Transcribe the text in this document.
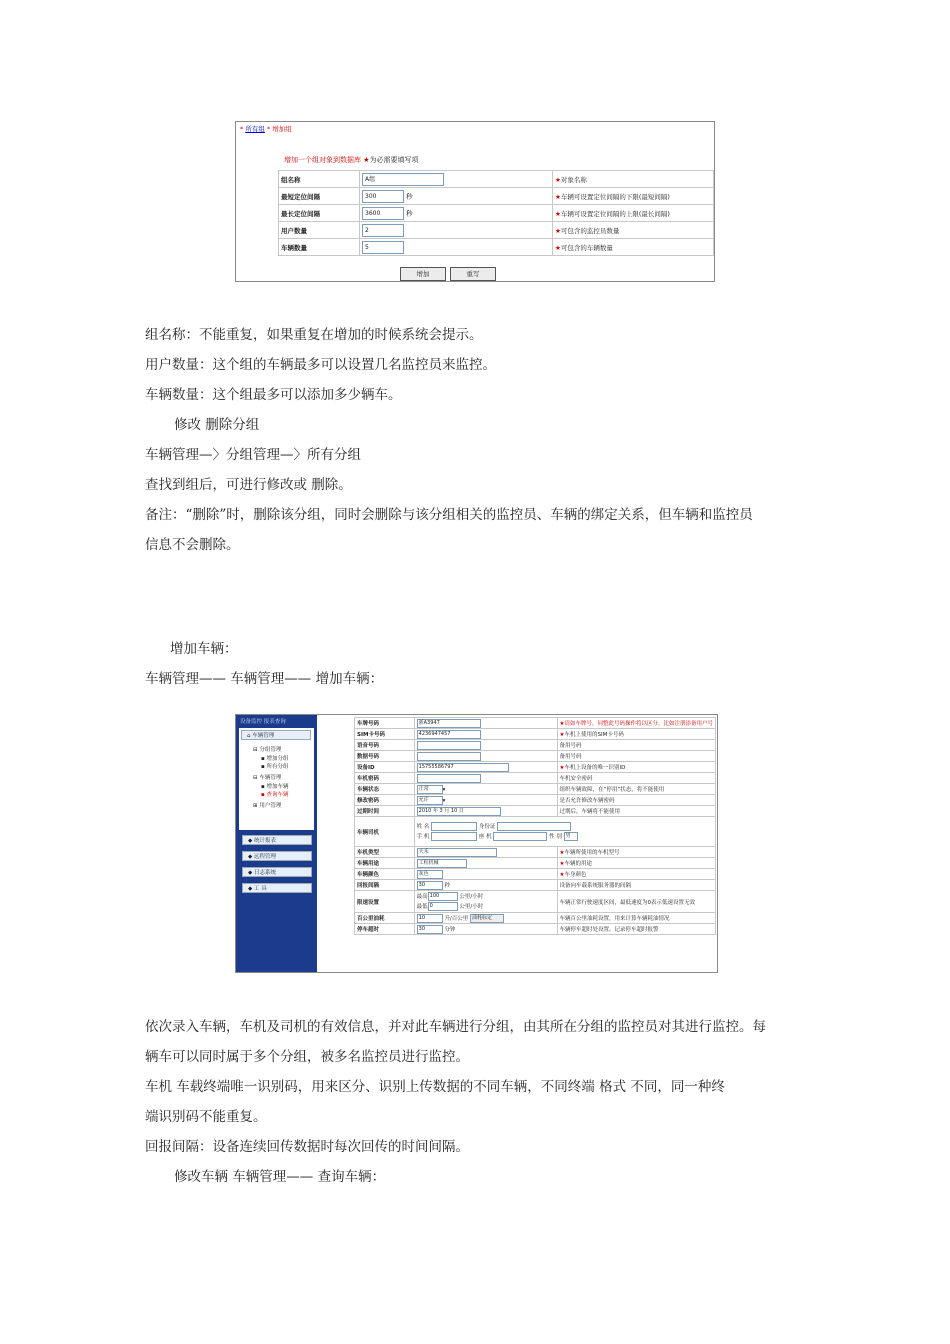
* 所有组 * 增加组
增加一个组对象到数据库 ★为必需要填写项
组名称	A组	★对象名称
最短定位间隔	300 秒	★车辆可设置定位间隔的下限(最短间隔)
最长定位间隔	3600 秒	★车辆可设置定位间隔的上限(最长间隔)
用户数量	2	★可包含的监控员数量
车辆数量	5	★可包含的车辆数量
增加	重写
组名称：不能重复，如果重复在增加的时候系统会提示。
用户数量：这个组的车辆最多可以设置几名监控员来监控。
车辆数量：这个组最多可以添加多少辆车。
修改 删除分组
车辆管理—〉分组管理—〉所有分组
查找到组后，可进行修改或 删除。
备注：“删除”时，删除该分组，同时会删除与该分组相关的监控员、车辆的绑定关系，但车辆和监控员
信息不会删除。
增加车辆：
车辆管理—— 车辆管理—— 增加车辆：
设备监控 报表查询
⌂ 车辆管理
⊟ 分组管理
▪ 增加分组
▪ 所有分组
⊟ 车辆管理
▪ 增加车辆
▪ 查询车辆
⊞ 用户管理
◆ 统计报表
◆ 远程管理
◆ 日志系统
◆ 工 具
车牌号码	浙A3947	★请如车牌号，同整此号码操作将以区分，比如注册添备用户号
SIM卡号码	4236947457	★车机上使用的SIM卡号码
语音号码		备用号码
数据号码		备用号码
设备ID	15755586797	★车机上设备的唯一识别ID
车机密码		车机安全密码
车辆状态	正常 ▾	组织车辆故障，在“停用”状态，将不能使用
修改密码	允许 ▾	是否允许修改车辆密码
过期时间	2010 年 3 月 10 日	过期后，车辆将不能使用
车辆司机	姓 名 身份证
手 机 座 机 性 别 男	
车机类型	天禾	★车辆所使用的车机型号
车辆用途	工程机械	★车辆的用途
车辆颜色	灰色	★车身颜色
回报间隔	30 秒	设备向车载系统服务器的间隔
限速设置	最高 100 公里/小时
最低 0 公里/小时	车辆正常行驶速度区间，最低速度为0表示低速设置无效
百公里油耗	10 升/百公里 油耗标定	车辆百公里油耗设置，用来计算车辆耗油情况
停车超时	30 分钟	车辆停车超时处设置，记录停车超时报警
依次录入车辆，车机及司机的有效信息，并对此车辆进行分组，由其所在分组的监控员对其进行监控。每
辆车可以同时属于多个分组，被多名监控员进行监控。
车机 车载终端唯一识别码，用来区分、识别上传数据的不同车辆，不同终端 格式 不同，同一种终
端识别码不能重复。
回报间隔：设备连续回传数据时每次回传的时间间隔。
修改车辆 车辆管理—— 查询车辆：
